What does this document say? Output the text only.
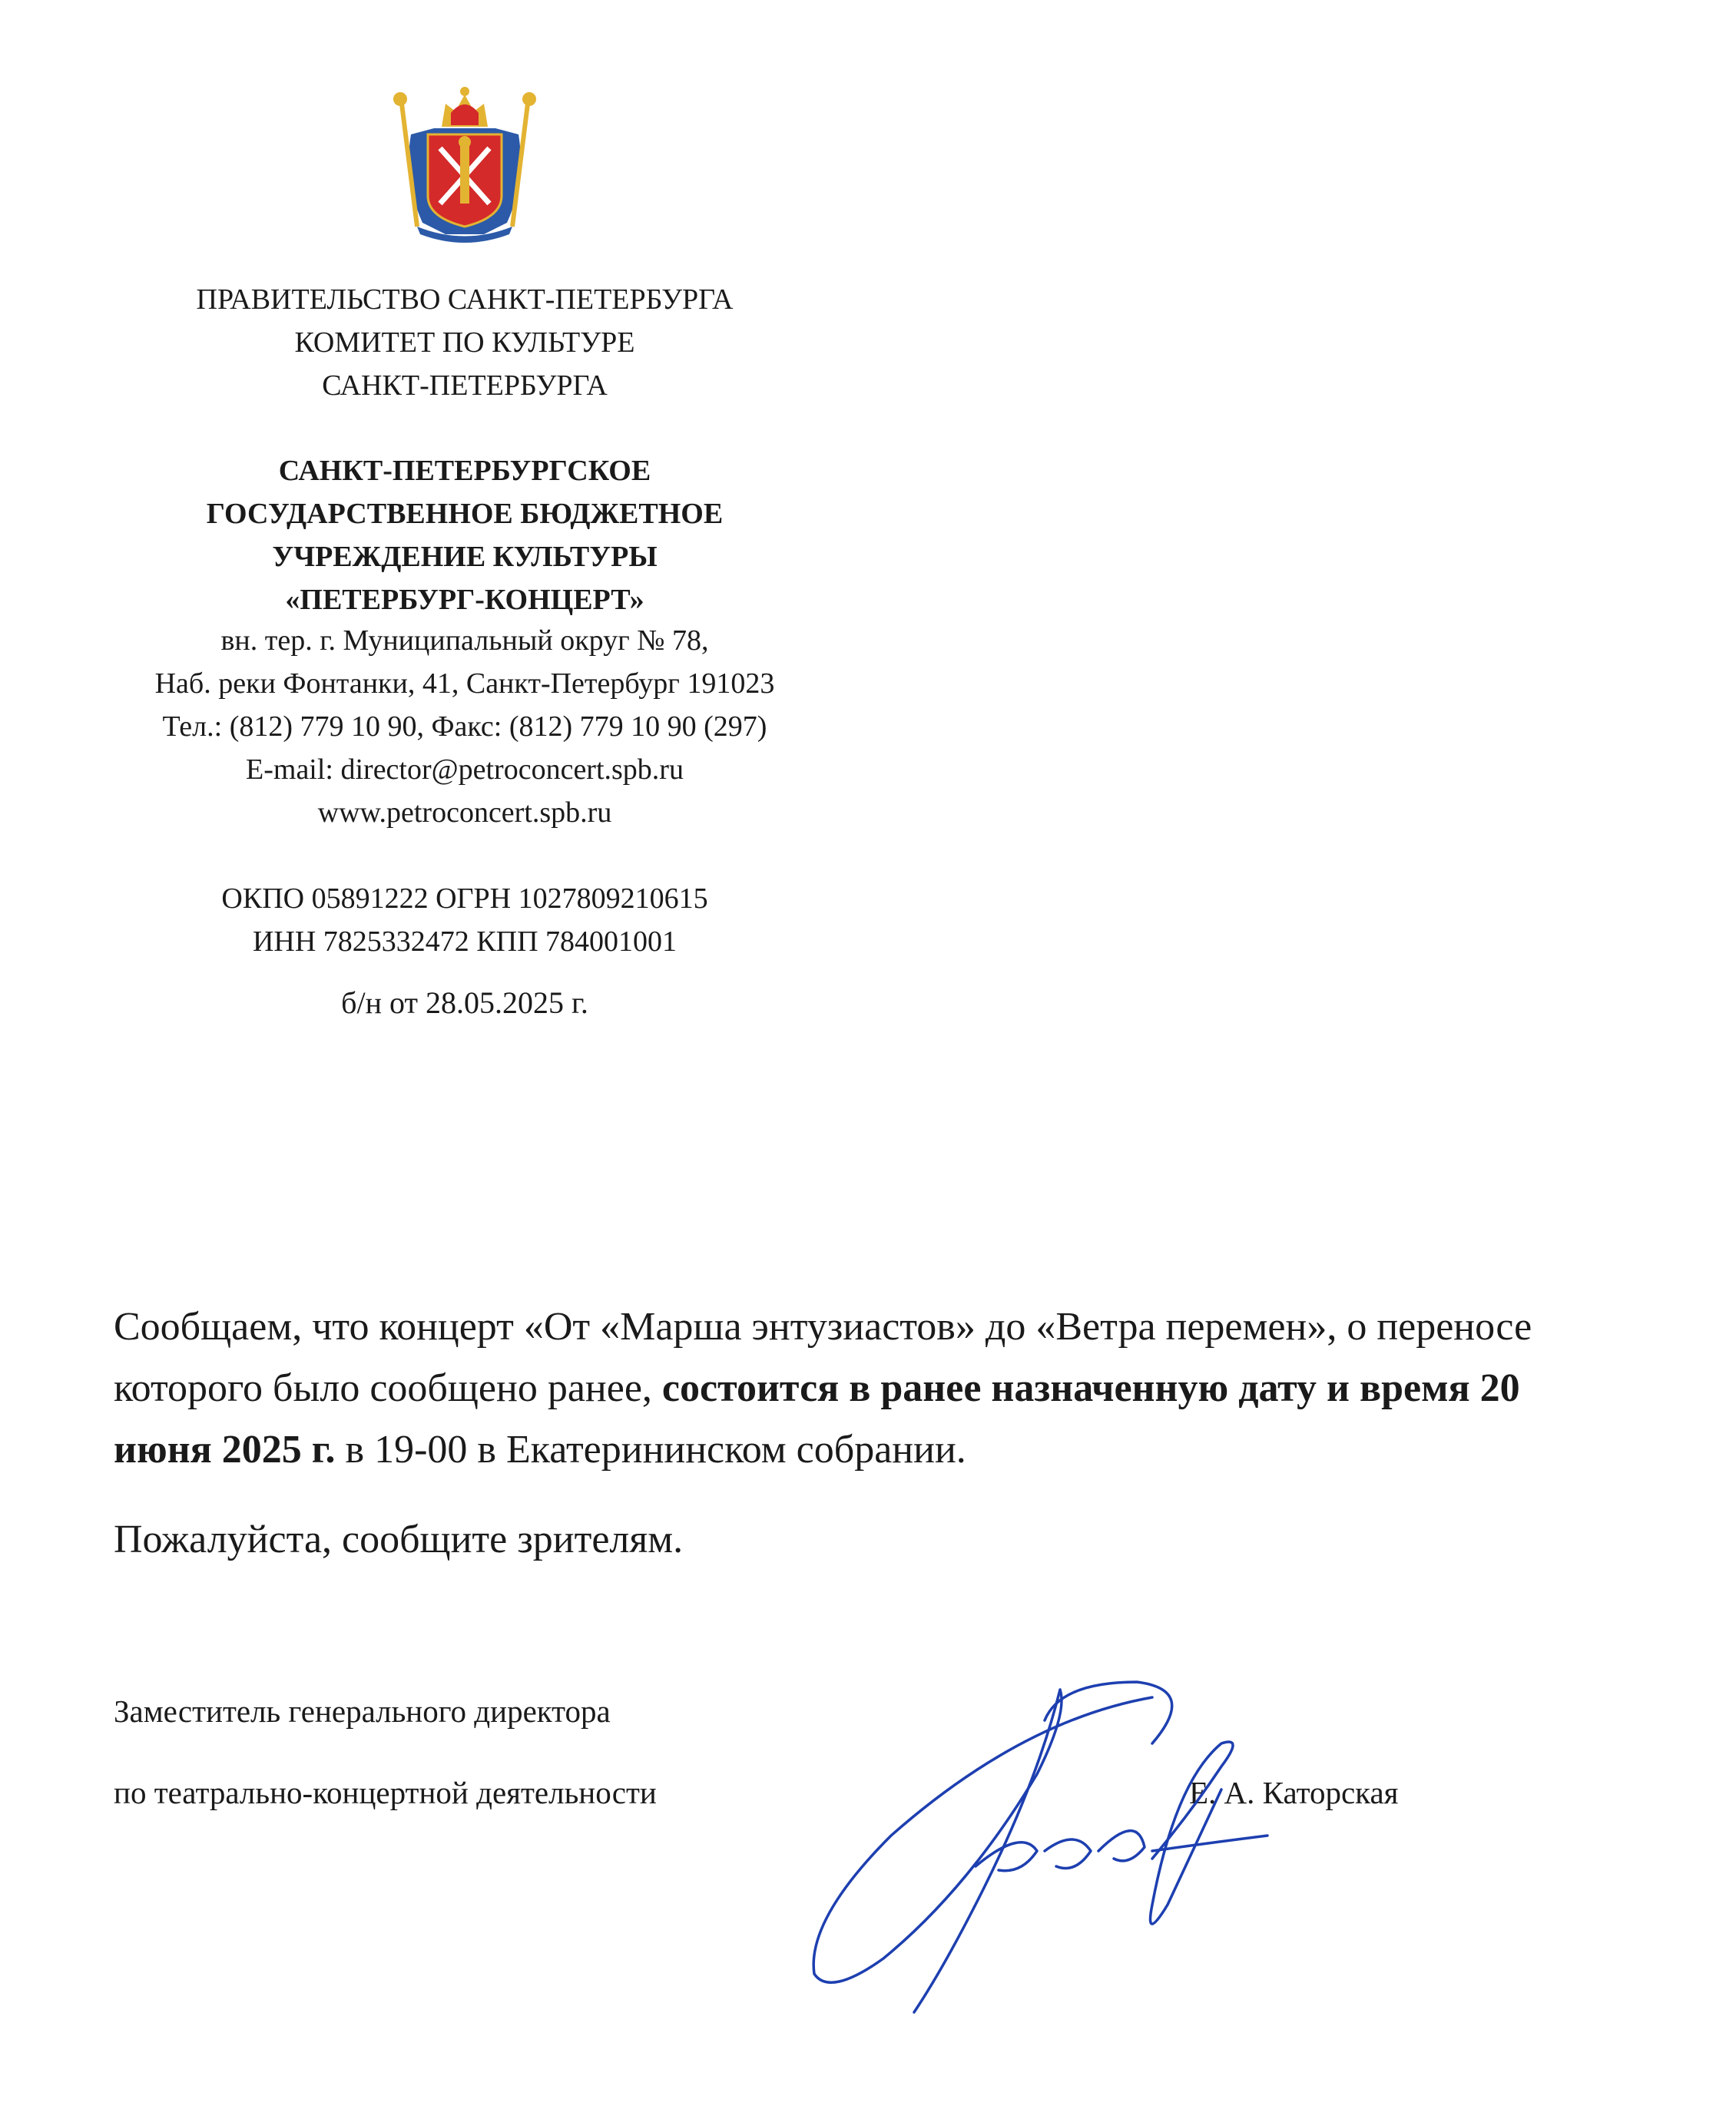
ПРАВИТЕЛЬСТВО САНКТ-ПЕТЕРБУРГА
КОМИТЕТ ПО КУЛЬТУРЕ
САНКТ-ПЕТЕРБУРГА
САНКТ-ПЕТЕРБУРГСКОЕ
ГОСУДАРСТВЕННОЕ БЮДЖЕТНОЕ
УЧРЕЖДЕНИЕ КУЛЬТУРЫ
«ПЕТЕРБУРГ-КОНЦЕРТ»
вн. тер. г. Муниципальный округ № 78,
Наб. реки Фонтанки, 41, Санкт-Петербург 191023
Тел.: (812) 779 10 90, Факс: (812) 779 10 90 (297)
E-mail: director@petroconcert.spb.ru
www.petroconcert.spb.ru
ОКПО 05891222 ОГРН 1027809210615
ИНН 7825332472 КПП 784001001
б/н от 28.05.2025 г.
Сообщаем, что концерт «От «Марша энтузиастов» до «Ветра перемен», о переносе которого было сообщено ранее, состоится в ранее назначенную дату и время 20 июня 2025 г. в 19-00 в Екатерининском собрании.
Пожалуйста, сообщите зрителям.
Заместитель генерального директора
по театрально-концертной деятельности	Е. А. Каторская
